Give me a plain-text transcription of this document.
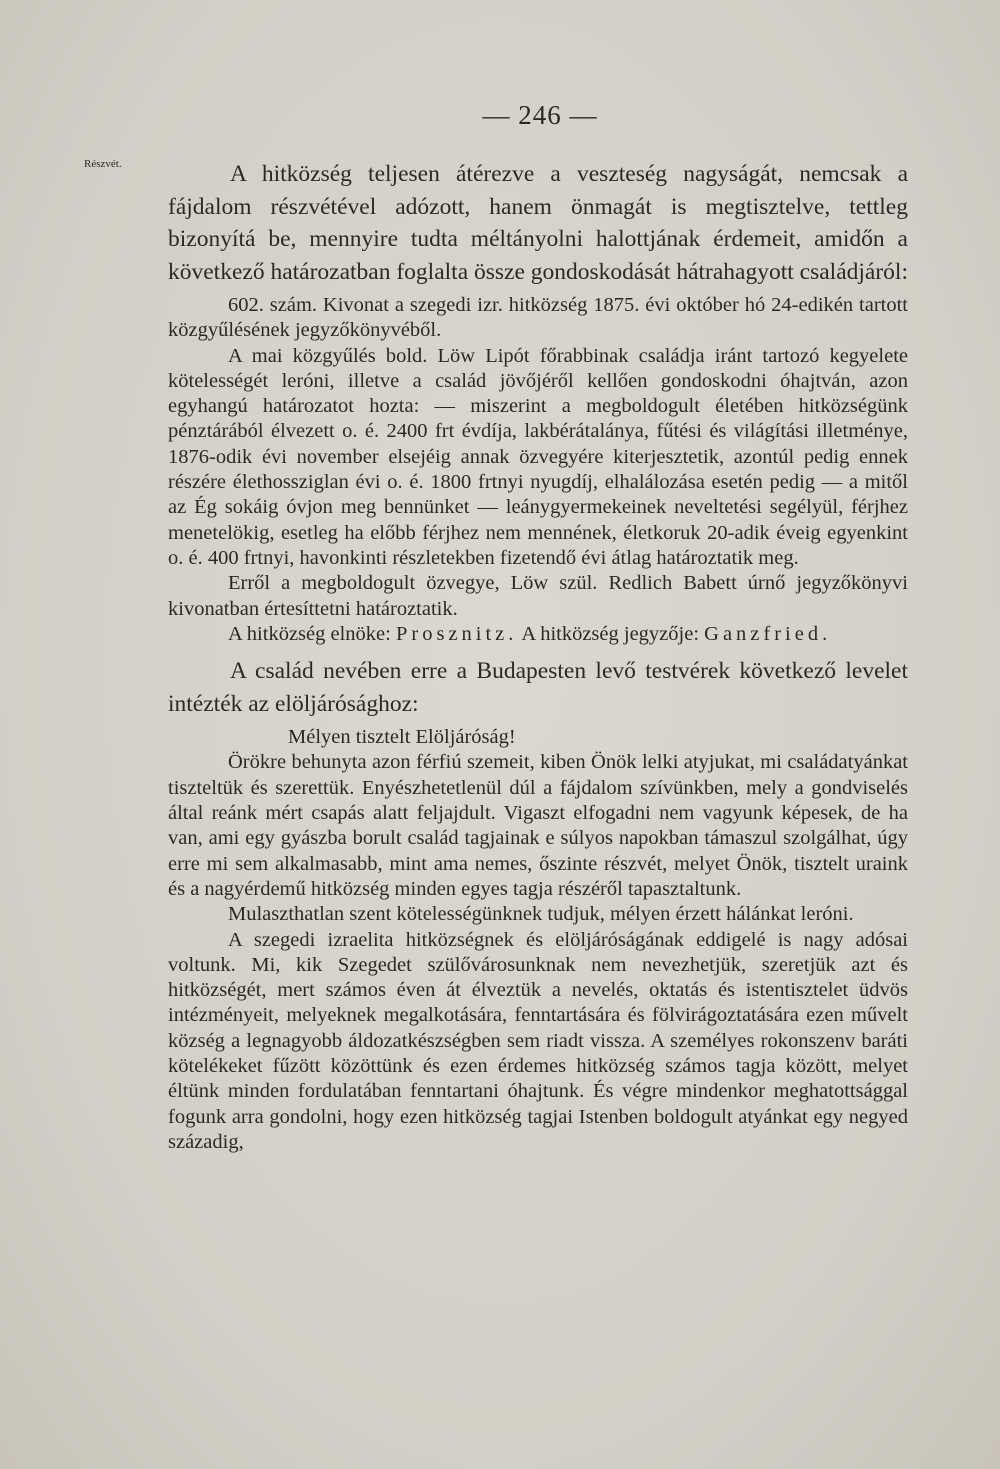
— 246 —
Részvét.	A hitközség teljesen átérezve a veszteség nagyságát, nemcsak a fájdalom részvétével adózott, hanem önmagát is megtisztelve, tettleg bizonyítá be, mennyire tudta méltányolni halottjának érdemeit, amidőn a következő határozatban foglalta össze gondoskodását hátrahagyott családjáról:

602. szám. Kivonat a szegedi izr. hitközség 1875. évi október hó 24-edikén tartott közgyűlésének jegyzőkönyvéből.

A mai közgyűlés bold. Löw Lipót főrabbinak családja iránt tartozó kegyelete kötelességét leróni, illetve a család jövőjéről kellően gondoskodni óhajtván, azon egyhangú határozatot hozta: — miszerint a megboldogult életében hitközségünk pénztárából élvezett o. é. 2400 frt évdíja, lakbérátalánya, fűtési és világítási illetménye, 1876-odik évi november elsejéig annak özvegyére kiterjesztetik, azontúl pedig ennek részére élethossziglan évi o. é. 1800 frtnyi nyugdíj, elhalálozása esetén pedig — a mitől az Ég sokáig óvjon meg bennünket — leánygyermekeinek neveltetési segélyül, férjhez menetelökig, esetleg ha előbb férjhez nem mennének, életkoruk 20-adik éveig egyenkint o. é. 400 frtnyi, havonkinti részletekben fizetendő évi átlag határoztatik meg.

Erről a megboldogult özvegye, Löw szül. Redlich Babett úrnő jegyzőkönyvi kivonatban értesíttetni határoztatik.

A hitközség elnöke: Prosznitz. A hitközség jegyzője: Ganzfried.

A család nevében erre a Budapesten levő testvérek következő levelet intézték az elöljárósághoz:

Mélyen tisztelt Elöljáróság!

Örökre behunyta azon férfiú szemeit, kiben Önök lelki atyjukat, mi családatyánkat tiszteltük és szerettük. Enyészhetetlenül dúl a fájdalom szívünkben, mely a gondviselés által reánk mért csapás alatt feljajdult. Vigaszt elfogadni nem vagyunk képesek, de ha van, ami egy gyászba borult család tagjainak e súlyos napokban támaszul szolgálhat, úgy erre mi sem alkalmasabb, mint ama nemes, őszinte részvét, melyet Önök, tisztelt uraink és a nagyérdemű hitközség minden egyes tagja részéről tapasztaltunk.

Mulaszthatlan szent kötelességünknek tudjuk, mélyen érzett hálánkat leróni.

A szegedi izraelita hitközségnek és elöljáróságának eddigelé is nagy adósai voltunk. Mi, kik Szegedet szülővárosunknak nem nevezhetjük, szeretjük azt és hitközségét, mert számos éven át élveztük a nevelés, oktatás és istentisztelet üdvös intézményeit, melyeknek megalkotására, fenntartására és fölvirágoztatására ezen művelt község a legnagyobb áldozatkészségben sem riadt vissza. A személyes rokonszenv baráti kötelékeket fűzött közöttünk és ezen érdemes hitközség számos tagja között, melyet éltünk minden fordulatában fenntartani óhajtunk. És végre mindenkor meghatottsággal fogunk arra gondolni, hogy ezen hitközség tagjai Istenben boldogult atyánkat egy negyed századig,
